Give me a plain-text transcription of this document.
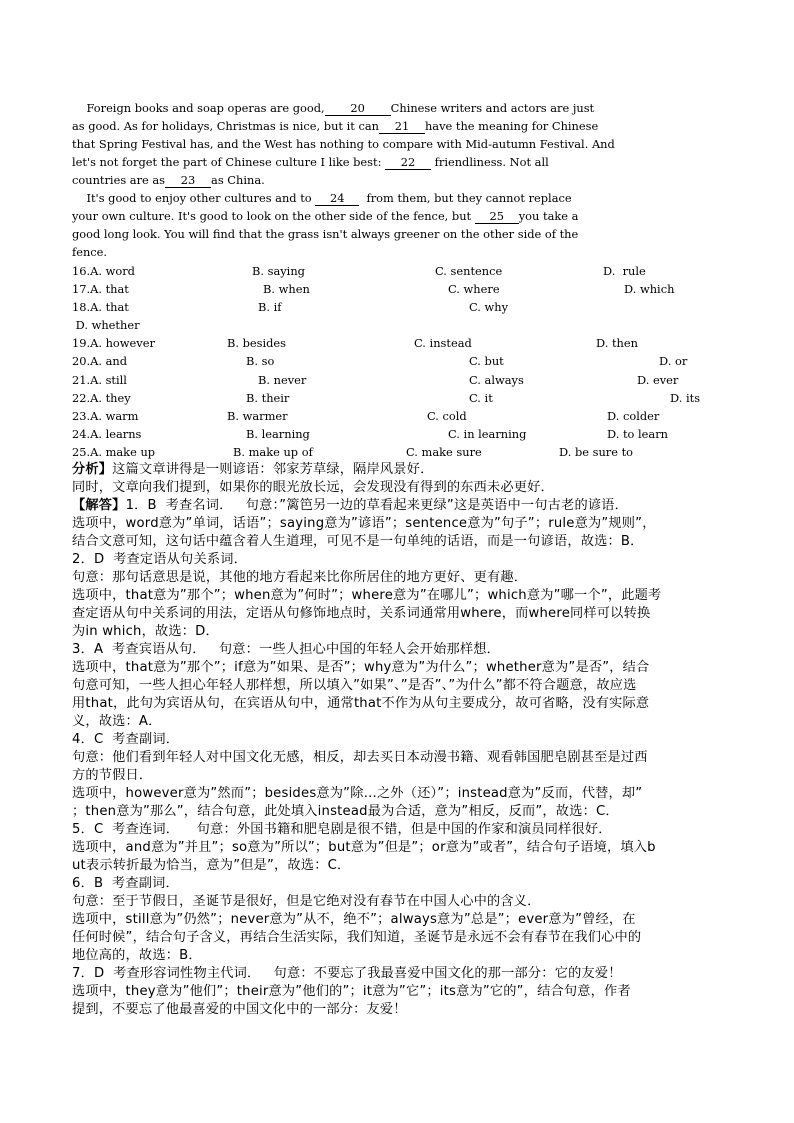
Foreign books and soap operas are good, 20 Chinese writers and actors are just
as good. As for holidays, Christmas is nice, but it can 21 have the meaning for Chinese
that Spring Festival has, and the West has nothing to compare with Mid-autumn Festival. And
let's not forget the part of Chinese culture I like best: 22 friendliness. Not all
countries are as 23 as China.
It's good to enjoy other cultures and to 24  from them, but they cannot replace
your own culture. It's good to look on the other side of the fence, but 25 you take a
good long look. You will find that the grass isn't always greener on the other side of the
fence.
16.A. word	B. saying	C. sentence	D.  rule
17.A. that	B. when	C. where	D. which
18.A. that	B. if	C. why
D. whether
19.A. however	B. besides	C. instead	D. then
20.A. and	B. so	C. but	D. or
21.A. still	B. never	C. always	D. ever
22.A. they	B. their	C. it	D. its
23.A. warm	B. warmer	C. cold	D. colder
24.A. learns	B. learning	C. in learning	D. to learn
25.A. make up	B. make up of	C. make sure	D. be sure to
分析】这篇文章讲得是一则谚语：邻家芳草绿，隔岸风景好．
同时，文章向我们提到，如果你的眼光放长远，会发现没有得到的东西未必更好．
【解答】1．B  考查名词．   句意：”篱笆另一边的草看起来更绿”这是英语中一句古老的谚语．
选项中，word意为”单词，话语”；saying意为”谚语”；sentence意为”句子”；rule意为”规则”，
结合文意可知，这句话中蕴含着人生道理，可见不是一句单纯的话语，而是一句谚语，故选：B．
2．D  考查定语从句关系词．
句意：那句话意思是说，其他的地方看起来比你所居住的地方更好、更有趣．
选项中，that意为”那个”；when意为”何时”；where意为”在哪儿”；which意为”哪一个”，此题考
查定语从句中关系词的用法，定语从句修饰地点时，关系词通常用where，而where同样可以转换
为in which，故选：D．
3．A  考查宾语从句．   句意：一些人担心中国的年轻人会开始那样想．
选项中，that意为”那个”；if意为”如果、是否”；why意为”为什么”；whether意为”是否”，结合
句意可知，一些人担心年轻人那样想，所以填入”如果”、”是否”、”为什么”都不符合题意，故应选
用that，此句为宾语从句，在宾语从句中，通常that不作为从句主要成分，故可省略，没有实际意
义，故选：A．
4．C  考查副词．
句意：他们看到年轻人对中国文化无感，相反，却去买日本动漫书籍、观看韩国肥皂剧甚至是过西
方的节假日．
选项中，however意为”然而”；besides意为”除…之外（还）”；instead意为”反而，代替，却”
；then意为”那么”，结合句意，此处填入instead最为合适，意为”相反，反而”，故选：C．
5．C  考查连词．    句意：外国书籍和肥皂剧是很不错，但是中国的作家和演员同样很好．
选项中，and意为”并且”；so意为”所以”；but意为”但是”；or意为”或者”，结合句子语境，填入b
ut表示转折最为恰当，意为”但是”，故选：C．
6．B  考查副词．
句意：至于节假日，圣诞节是很好，但是它绝对没有春节在中国人心中的含义．
选项中，still意为”仍然”；never意为”从不，绝不”；always意为”总是”；ever意为”曾经，在
任何时候”，结合句子含义，再结合生活实际，我们知道，圣诞节是永远不会有春节在我们心中的
地位高的，故选：B．
7．D  考查形容词性物主代词．   句意：不要忘了我最喜爱中国文化的那一部分：它的友爱！
选项中，they意为”他们”；their意为”他们的”；it意为”它”；its意为”它的”，结合句意，作者
提到，不要忘了他最喜爱的中国文化中的一部分：友爱！
